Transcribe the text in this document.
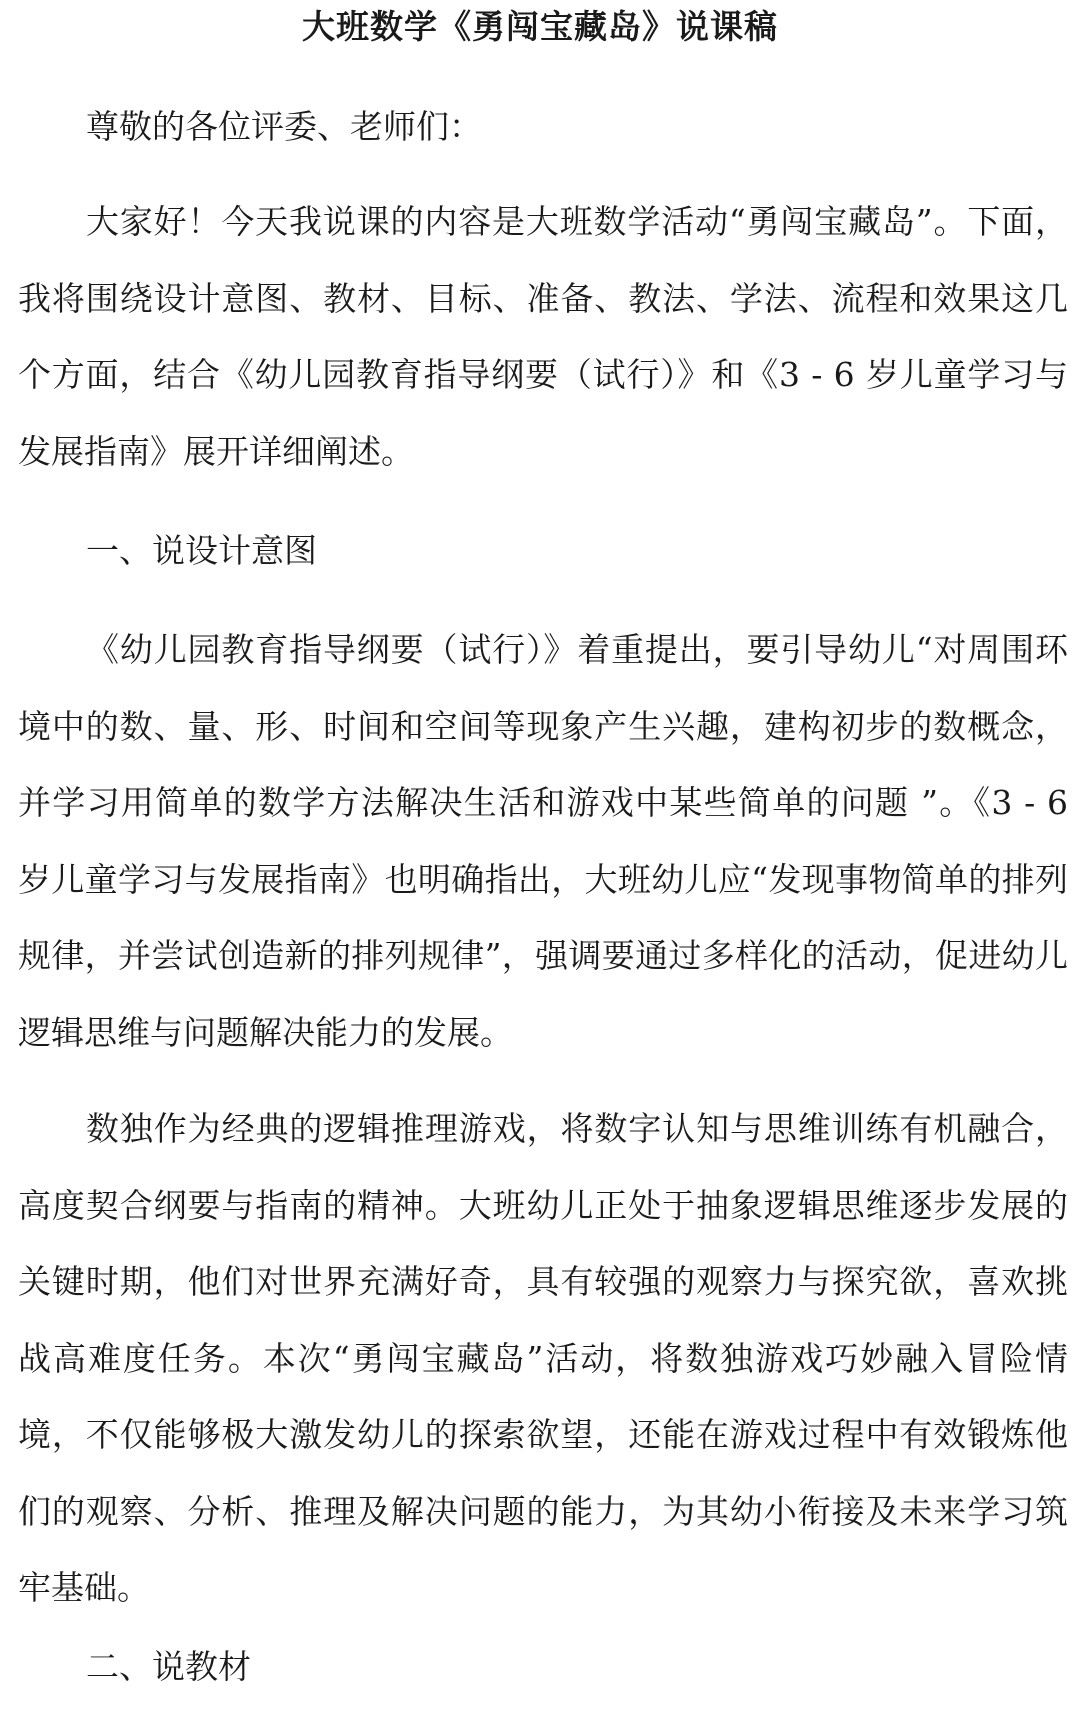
大班数学《勇闯宝藏岛》说课稿
尊敬的各位评委、老师们：

大家好！今天我说课的内容是大班数学活动“勇闯宝藏岛”。下面，我将围绕设计意图、教材、目标、准备、教法、学法、流程和效果这几个方面，结合《幼儿园教育指导纲要（试行）》和《3 - 6 岁儿童学习与发展指南》展开详细阐述。

一、说设计意图

《幼儿园教育指导纲要（试行）》着重提出，要引导幼儿“对周围环境中的数、量、形、时间和空间等现象产生兴趣，建构初步的数概念，并学习用简单的数学方法解决生活和游戏中某些简单的问题 ”。《3 - 6 岁儿童学习与发展指南》也明确指出，大班幼儿应“发现事物简单的排列规律，并尝试创造新的排列规律”，强调要通过多样化的活动，促进幼儿逻辑思维与问题解决能力的发展。

数独作为经典的逻辑推理游戏，将数字认知与思维训练有机融合，高度契合纲要与指南的精神。大班幼儿正处于抽象逻辑思维逐步发展的关键时期，他们对世界充满好奇，具有较强的观察力与探究欲，喜欢挑战高难度任务。本次“勇闯宝藏岛”活动，将数独游戏巧妙融入冒险情境，不仅能够极大激发幼儿的探索欲望，还能在游戏过程中有效锻炼他们的观察、分析、推理及解决问题的能力，为其幼小衔接及未来学习筑牢基础。

二、说教材
